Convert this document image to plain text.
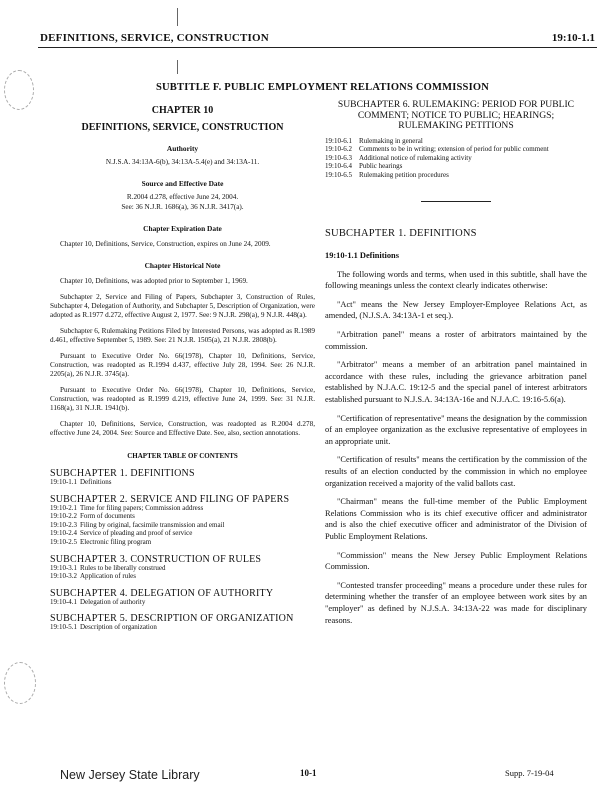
DEFINITIONS, SERVICE, CONSTRUCTION	19:10-1.1
SUBTITLE F. PUBLIC EMPLOYMENT RELATIONS COMMISSION
CHAPTER 10
DEFINITIONS, SERVICE, CONSTRUCTION
Authority
N.J.S.A. 34:13A-6(b), 34:13A-5.4(e) and 34:13A-11.
Source and Effective Date
R.2004 d.278, effective June 24, 2004.
See: 36 N.J.R. 1686(a), 36 N.J.R. 3417(a).
Chapter Expiration Date

Chapter 10, Definitions, Service, Construction, expires on June 24, 2009.

Chapter Historical Note

Chapter 10, Definitions, was adopted prior to September 1, 1969.

Subchapter 2, Service and Filing of Papers, Subchapter 3, Construction of Rules, Subchapter 4, Delegation of Authority, and Subchapter 5, Description of Organization, were adopted as R.1977 d.272, effective August 2, 1977. See: 9 N.J.R. 298(a), 9 N.J.R. 448(a).

Subchapter 6, Rulemaking Petitions Filed by Interested Persons, was adopted as R.1989 d.461, effective September 5, 1989. See: 21 N.J.R. 1505(a), 21 N.J.R. 2808(b).

Pursuant to Executive Order No. 66(1978), Chapter 10, Definitions, Service, Construction, was readopted as R.1994 d.437, effective July 28, 1994. See: 26 N.J.R. 2205(a), 26 N.J.R. 3745(a).

Pursuant to Executive Order No. 66(1978), Chapter 10, Definitions, Service, Construction, was readopted as R.1999 d.219, effective June 24, 1999. See: 31 N.J.R. 1168(a), 31 N.J.R. 1941(b).

Chapter 10, Definitions, Service, Construction, was readopted as R.2004 d.278, effective June 24, 2004. See: Source and Effective Date. See, also, section annotations.

CHAPTER TABLE OF CONTENTS
SUBCHAPTER 1. DEFINITIONS
19:10-1.1 Definitions
SUBCHAPTER 2. SERVICE AND FILING OF PAPERS
19:10-2.1 Time for filing papers; Commission address
19:10-2.2 Form of documents
19:10-2.3 Filing by original, facsimile transmission and email
19:10-2.4 Service of pleading and proof of service
19:10-2.5 Electronic filing program
SUBCHAPTER 3. CONSTRUCTION OF RULES
19:10-3.1 Rules to be liberally construed
19:10-3.2 Application of rules
SUBCHAPTER 4. DELEGATION OF AUTHORITY
19:10-4.1 Delegation of authority
SUBCHAPTER 5. DESCRIPTION OF ORGANIZATION
19:10-5.1 Description of organization
SUBCHAPTER 6. RULEMAKING: PERIOD FOR PUBLIC COMMENT; NOTICE TO PUBLIC; HEARINGS; RULEMAKING PETITIONS
19:10-6.1 Rulemaking in general
19:10-6.2 Comments to be in writing; extension of period for public comment
19:10-6.3 Additional notice of rulemaking activity
19:10-6.4 Public hearings
19:10-6.5 Rulemaking petition procedures
SUBCHAPTER 1. DEFINITIONS
19:10-1.1 Definitions

The following words and terms, when used in this subtitle, shall have the following meanings unless the context clearly indicates otherwise:

"Act" means the New Jersey Employer-Employee Relations Act, as amended, (N.J.S.A. 34:13A-1 et seq.).

"Arbitration panel" means a roster of arbitrators maintained by the commission.

"Arbitrator" means a member of an arbitration panel maintained in accordance with these rules, including the grievance arbitration panel established by N.J.A.C. 19:12-5 and the special panel of interest arbitrators established pursuant to N.J.S.A. 34:13A-16e and N.J.A.C. 19:16-5.6(a).

"Certification of representative" means the designation by the commission of an employee organization as the exclusive representative of employees in an appropriate unit.

"Certification of results" means the certification by the commission of the results of an election conducted by the commission in which no employee organization received a majority of the valid ballots cast.

"Chairman" means the full-time member of the Public Employment Relations Commission who is its chief executive officer and administrator and is also the chief executive officer and administrator of the Division of Public Employment Relations.

"Commission" means the New Jersey Public Employment Relations Commission.

"Contested transfer proceeding" means a procedure under these rules for determining whether the transfer of an employee between work sites by an "employer" as defined by N.J.S.A. 34:13A-22 was made for disciplinary reasons.

New Jersey State Library	10-1	Supp. 7-19-04
